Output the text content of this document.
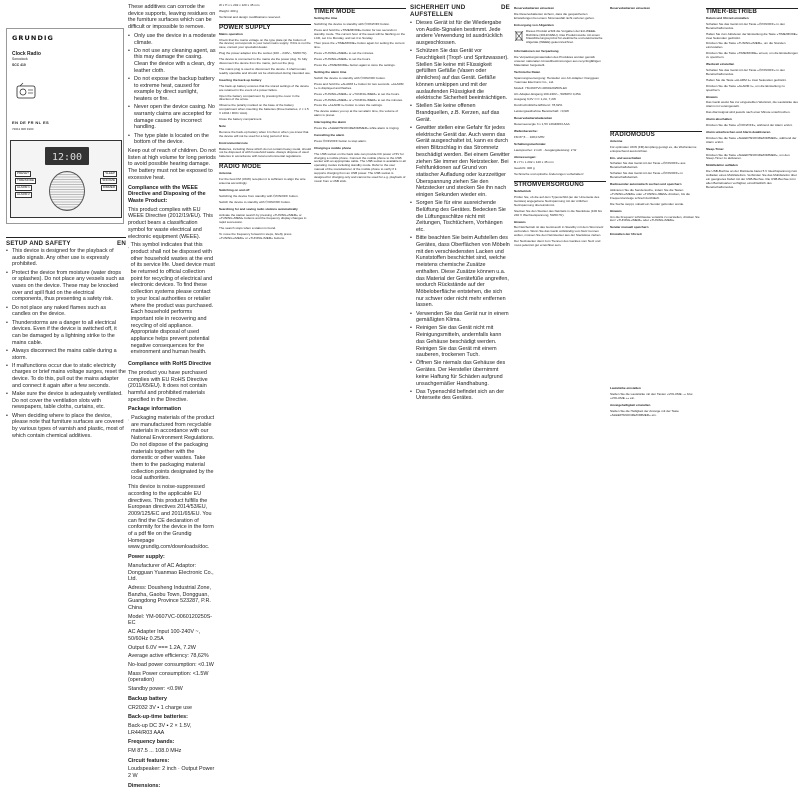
GRUNDIG
Clock Radio
Sonoclock
SCC 410
EN DE FR NL ES
72011 906 9100
12:00
PRESET
TIME/MODE
ALARM 1
ALARM 2
SLEEP
SNOOZE
DIMMER
SETUP AND SAFETY	EN
• This device is designed for the playback of audio signals. Any other use is expressly prohibited.
• Protect the device from moisture (water drops or splashes). Do not place any vessels such as vases on the device. These may be knocked over and spill fluid on the electrical components, thus presenting a safety risk.
• Do not place any naked flames such as candles on the device.
• Thunderstorms are a danger to all electrical devices. Even if the device is switched off, it can be damaged by a lightning strike to the mains cable.
• Always disconnect the mains cable during a storm.
• If malfunctions occur due to static electricity charges or brief mains voltage surges, reset the device. To do this, pull out the mains adapter and connect it again after a few seconds.
• Make sure the device is adequately ventilated. Do not cover the ventilation slots with newspapers, table cloths, curtains, etc.
• When deciding where to place the device, please note that furniture surfaces are covered by various types of varnish and plastic, most of which contain chemical additives.

These additives can corrode the device supports, leaving residues on the furniture surfaces which can be difficult or impossible to remove.

• Only use the device in a moderate climate.
• Do not use any cleaning agent, as this may damage the casing. Clean the device with a clean, dry leather cloth.
• Do not expose the backup battery to extreme heat, caused for example by direct sunlight, heaters or fire.
• Never open the device casing. No warranty claims are accepted for damage caused by incorrect handling.
• The type plate is located on the bottom of the device.

Keep out of reach of children. Do not listen at high volume for long periods to avoid possible hearing damage. The battery must not be exposed to excessive heat.

Compliance with the WEEE Directive and Disposing of the Waste Product:

This product complies with EU WEEE Directive (2012/19/EU). This product bears a classification symbol for waste electrical and electronic equipment (WEEE).

This symbol indicates that this product shall not be disposed with other household wastes at the end of its service life. Used device must be returned to official collection point for recycling of electrical and electronic devices. To find these collection systems please contact to your local authorities or retailer where the product was purchased. Each household performs important role in recovering and recycling of old appliance. Appropriate disposal of used appliance helps prevent potential negative consequences for the environment and human health.

Compliance with RoHS Directive

The product you have purchased complies with EU RoHS Directive (2011/65/EU). It does not contain harmful and prohibited materials specified in the Directive.

Package information

Packaging materials of the product are manufactured from recyclable materials in accordance with our National Environment Regulations. Do not dispose of the packaging materials together with the domestic or other wastes. Take them to the packaging material collection points designated by the local authorities.

This device is noise-suppressed according to the applicable EU directives. This product fulfills the European directives 2014/53/EU, 2009/125/EC and 2011/65/EU. You can find the CE declaration of conformity for the device in the form of a pdf file on the Grundig Homepage www.grundig.com/downloads/doc.

Power supply:

Manufacturer of AC Adaptor: Dongguan Yuanmao Electronic Co., Ltd.

Adress: Dousheng Industrial Zone, Banzha, Gaobu Town, Dongguan, Guangdong Province 523287, P.R. China

Model: YM-0607VC-0060120250S-EC

AC Adapter Input 100-240V ~, 50/60Hz 0.25A

Output 6.0V === 1.2A, 7.2W

Average active efficiency: 78,62%

No-load power consumption: <0.1W

Mass Power consumption: <1.5W (operation)

Standby power: <0.9W

Backup battery

CR2032 3V ▪ 1 charge use

Back-up-time batteries:

Back-up DC 3V ▪ 2 × 1.5V, LR44/R03 AAA

Frequency bands:

FM 87.5 ... 108.0 MHz

Circuit features:

Loudspeaker: 2 inch · Output Power 2 W

Dimensions:

W x H x L 202 x 120 x 45 mm

Weight: 400 g

Technical and design modifications reserved.

POWER SUPPLY

Mains operation

Check that the mains voltage on the type plate (at the bottom of the device) corresponds to your local mains supply. If this is not the case, contact your specialist dealer.

Plug the power adapter into the socket (100 – 240V~, 50/60 Hz).

The device is connected to the mains via the power plug. To fully disconnect the device from the mains, pull out the plug.

The mains plug is used to disconnect the device. It shall remain readily operable and should not be obstructed during intended use.

Inserting the back-up battery

The back-up battery ensures that the stored settings of the device are retained in the event of a power failure.

Open the battery compartment by pressing the cover in the direction of the arrow.

Observe the polarity marked on the base of the battery compartment when inserting the batteries (three batteries, 2 × 1.5 V LR44 / R03 / AAA).

Close the battery compartment.

Note

Remove the back-up battery when it is flat or when you know that the device will not be used for a long period of time.

Environmental note

Batteries, including those which do not contain heavy metal, should not be disposed of with household waste. Always dispose of used batteries in accordance with local environmental regulations.

RADIO MODE

Antenna

For the best FM (UKW) reception it is sufficient to align the wire antenna accordingly.

Switching on and off

Switching the device from standby with ⏻/ON/OFF button.

Switch the device to standby with ⏻/ON/OFF button.

Searching for and saving radio stations automatically

Activate the station search by pressing »TUNING+/MEM« or »TUNING-/MEM« buttons and the frequency display changes in rapid succession.

The search stops when a station is found.

To move the frequency forward in steps, briefly press »TUNING+/MEM« or »TUNING-/MEM« buttons.

TIMER MODE

Setting the time

Switching the device to standby with ⏻/ON/OFF button.

Press and hold the »TIME/MODE« button for two seconds in standby mode. The current hour of the week will be flashing on the LCD, set it to Monday, and set it to Sunday.

Then press the »TIME/MODE« button again for setting the current time.

Press »TUNING+/MEM« to set the minutes.

Press »TUNING+/MEM« to set the hours.

Press the »TIME/MODE« button again to store the settings.

Setting the alarm time

Switch the device to standby with ⏻/ON/OFF button.

Press and hold the »ALARM 1« button for two seconds. »ALARM 1« is displayed and flashes.

Press »TUNING+/MEM« or »TUNING-/MEM« to set the hours.

Press »TUNING+/MEM« or »TUNING-/MEM« to set the minutes.

Press the »ALARM 1« button to store the settings.

The device wakes you up at the set alarm time, the volume of alarm is preset.

Interrupting the alarm

Press the »SLEEP/SNOOZE/DIMMER« while alarm is ringing.

Cancelling the alarm

Press ⏻/ON/OFF button to stop alarm.

Charging a mobile phone

The USB socket on the back side can provide DC power of 5V for charging a mobile phone. Connect the mobile phone to the USB socket with an appropriate cable. The USB socket is available in all operating modes including standby mode. Refer to the user manual of the manufacturer of the mobile phone to verify if it supports charging from an USB power. The USB socket is designed for charging only and cannot be used for e.g. playback of music from a USB stick.

SICHERHEIT UND AUFSTELLEN
DE
• Dieses Gerät ist für die Wiedergabe von Audio-Signalen bestimmt. Jede andere Verwendung ist ausdrücklich ausgeschlossen.
• Schützen Sie das Gerät vor Feuchtigkeit (Tropf- und Spritzwasser). Stellen Sie keine mit Flüssigkeit gefüllten Gefäße (Vasen oder ähnliches) auf das Gerät. Gefäße können umkippen und mit der auslaufenden Flüssigkeit die elektrische Sicherheit beeinträchtigen.
• Stellen Sie keine offenen Brandquellen, z.B. Kerzen, auf das Gerät.
• Gewitter stellen eine Gefahr für jedes elektrische Gerät dar. Auch wenn das Gerät ausgeschaltet ist, kann es durch einen Blitzschlag in das Stromnetz beschädigt werden. Bei einem Gewitter ziehen Sie immer den Netzstecker. Bei Fehlfunktionen auf Grund von statischer Aufladung oder kurzzeitiger Überspannung ziehen Sie den Netzstecker und stecken Sie ihn nach einigen Sekunden wieder ein.
• Sorgen Sie für eine ausreichende Belüftung des Gerätes. Bedecken Sie die Lüftungsschlitze nicht mit Zeitungen, Tischtüchern, Vorhängen etc.
• Bitte beachten Sie beim Aufstellen des Gerätes, dass Oberflächen von Möbeln mit den verschiedensten Lacken und Kunststoffen beschichtet sind, welche meistens chemische Zusätze enthalten. Diese Zusätze können u.a. das Material der Gerätefüße angreifen, wodurch Rückstände auf der Möbeloberfläche entstehen, die sich nur schwer oder nicht mehr entfernen lassen.
• Verwenden Sie das Gerät nur in einem gemäßigten Klima.
• Reinigen Sie das Gerät nicht mit Reinigungsmitteln, andernfalls kann das Gehäuse beschädigt werden. Reinigen Sie das Gerät mit einem sauberen, trockenen Tuch.
• Öffnen Sie niemals das Gehäuse des Gerätes. Der Hersteller übernimmt keine Haftung für Schäden aufgrund unsachgemäßer Handhabung.
• Das Typenschild befindet sich an der Unterseite des Gerätes.

Reservebatterien einsetzen

Die Reservebatterien sichern, dass die gespeicherten Einstellungen bei einem Stromausfall nicht verloren gehen.

Entsorgung von Altgeräten

Dieses Produkt erfüllt die Vorgaben der EU-WEEE-Richtlinie (2012/19/EU). Das Produkt wurde mit einem Klassifizierungssymbol für elektrische und elektronische Altgeräte (WEEE) gekennzeichnet.

Informationen zur Verpackung

Die Verpackungsmaterialien des Produktes wurden gemäß unseren nationalen Umweltbestimmungen aus recyclingfähigen Materialien hergestellt.

Technische Daten

Spannungsversorgung: Hersteller von AC-Adapter: Dongguan Yuanmao Electronic Co., Ltd.

Modell: YM-0607VC-0060120250S-EC

AC-Adapter-Eingang 100-240V~, 50/60Hz 0,25A

Ausgang 6,0V === 1,2A, 7,2W

Durchschnittliche Effizienz: 78,62%

Leistungsaufnahme Bereitschaft: <0,9W

Reservebatterieladezeiten

Reserveenergie 3 x 1,5V LR44/R03 AAA

Wellenbereiche:

FM 87,5 ... 108,0 MHz

Schaltungsmerkmale:

Lautsprecher: 2 inch · Ausgangsleistung: 2 W

Abmessungen:

B x H x L 202 x 120 x 45 mm

Gewicht: 400 g

Technische und optische Änderungen vorbehalten!

STROMVERSORGUNG

Netzbetrieb

Prüfen Sie, ob die auf dem Typenschild (an der Unterseite des Gerätes) angegebene Netzspannung mit der örtlichen Netzspannung übereinstimmt.

Stecken Sie den Stecker des Netzteils in die Steckdose (100 bis 240 V Wechselspannung, 50/60 Hz).

Hinweis

Bei Netzbetrieb ist das Gerät auch in Standby mit dem Stromnetz verbunden. Wenn Sie das Gerät vollständig vom Netz trennen wollen, müssen Sie den Netzstecker aus der Steckdose ziehen.

Der Netzstecker dient zum Trennen des Gerätes vom Netz und muss jederzeit gut erreichbar sein.

Reservebatterien einsetzen

RADIOMODUS

Antenne

Für optimalen UKW (FM) Empfang genügt es, die Wurfantenne entsprechend auszurichten.

Ein- und ausschalten

Schalten Sie das Gerät mit der Taste »⏻/ON/OFF« aus Bereitschaftsbetrieb.

Schalten Sie das Gerät mit der Taste »⏻/ON/OFF« in Bereitschaftsbetrieb.

Radiosender automatisch suchen und speichern

Aktivieren Sie die Sendersuche, indem Sie die Tasten »TUNING+/MEM« oder »TUNING-/MEM« drücken, bis die Frequenzanzeige schnell durchläuft.

Die Suche stoppt, sobald ein Sender gefunden wurde.

Hinweis

Um die Frequenz schrittweise vorwärts zu verstellen, drücken Sie kurz »TUNING+/MEM« oder »TUNING-/MEM«.

Sender manuell speichern

Einstellen der Uhrzeit

Lautstärke einstellen

Stellen Sie die Lautstärke mit den Tasten »VOLUME –« bzw. »VOLUME +« ein.

Anzeigehelligkeit einstellen

Stellen Sie die Helligkeit der Anzeige mit der Taste »SLEEP/SNOOZE/DIMMER« ein.

TIMER-BETRIEB

Datum und Uhrzeit einstellen

Schalten Sie das Gerät mit der Taste »⏻/ON/OFF« in den Bereitschaftsmodus.

Halten Sie zum Aktivieren der Einstellung die Taste »TIME/MODE« zwei Sekunden gedrückt.

Drücken Sie die Taste »TUNING+/MEM«, um die Stunden einzustellen.

Drücken Sie die Taste »TIME/MODE« erneut, um die Einstellungen zu speichern.

Weckzeit einstellen

Schalten Sie das Gerät mit der Taste »⏻/ON/OFF« in den Bereitschaftsmodus.

Halten Sie die Taste »ALARM 1« zwei Sekunden gedrückt.

Drücken Sie die Taste »ALARM 1«, um die Einstellung zu speichern.

Hinweis

Das Gerät weckt Sie zur eingestellten Weckzeit, die Lautstärke des Alarms ist voreingestellt.

Das Alarmsignal wird jeweils nach einer Minute unterbrochen.

Alarm abschalten

Drücken Sie die Taste »⏻/ON/OFF«, während der Alarm ertönt.

Alarm unterbrechen und Alarm deaktivieren

Drücken Sie die Taste »SLEEP/SNOOZE/DIMMER«, während der Alarm ertönt.

Sleep-Timer

Drücken Sie die Taste »SLEEP/SNOOZE/DIMMER«, um den Sleep-Timer zu aktivieren.

Mobiltelefon aufladen

Die USB-Buchse an der Rückseite bietet 5 V Gleichspannung zum Aufladen eines Mobiltelefons. Verbinden Sie das Mobiltelefon über ein geeignetes Kabel mit der USB-Buchse. Die USB-Buchse ist in allen Betriebsarten verfügbar, einschließlich des Bereitschaftsmodus.
